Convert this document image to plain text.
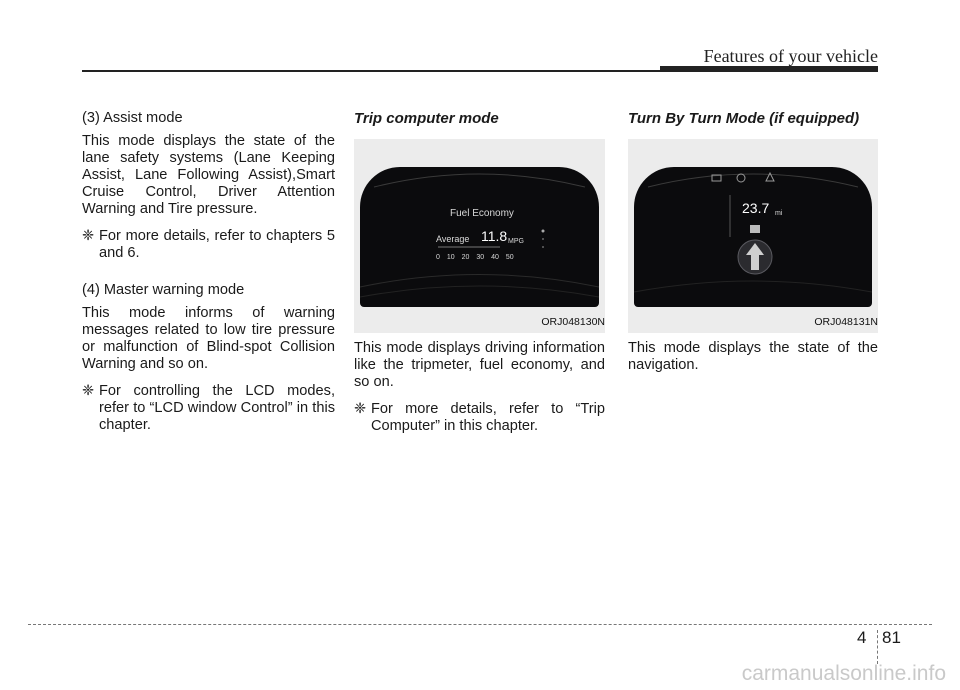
Features of your vehicle

(3) Assist mode

This mode displays the state of the lane safety systems (Lane Keeping Assist, Lane Following Assist),Smart Cruise Control, Driver Attention Warning and Tire pressure.

❈ For more details, refer to chapters 5 and 6.

(4) Master warning mode

This mode informs of warning messages related to low tire pressure or malfunction of Blind-spot Collision Warning and so on.

❈ For controlling the LCD modes, refer to “LCD window Control” in this chapter.
Trip computer mode
Fuel Economy
Average 11.8 MPG
0 10 20 30 40 50
ORJ048130N

This mode displays driving information like the tripmeter, fuel economy, and so on.

❈ For more details, refer to “Trip Computer” in this chapter.
Turn By Turn Mode (if equipped)
23.7 mi
ORJ048131N

This mode displays the state of the navigation.

4 81
carmanualsonline.info
